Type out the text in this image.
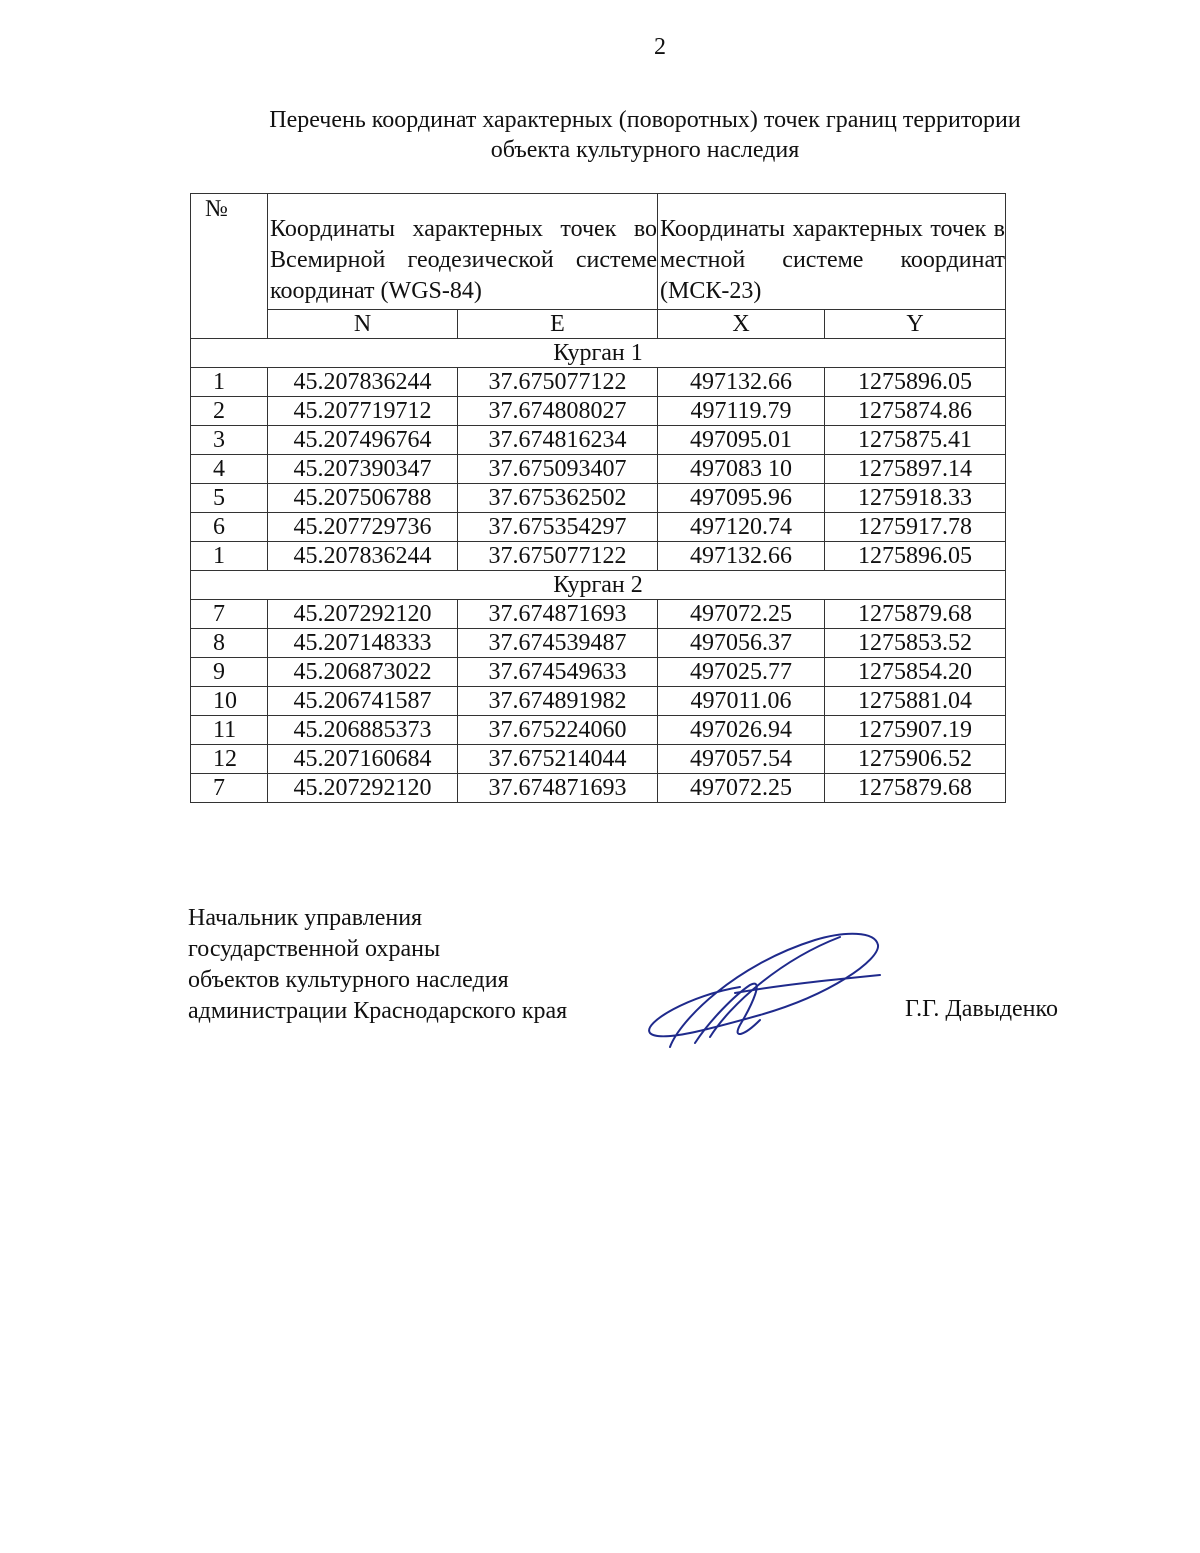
2
Перечень координат характерных (поворотных) точек границ территории
объекта культурного наследия
№	Координаты характерных точек во Всемирной геодезической системе координат (WGS-84)		Координаты характерных точек в местной системе координат (МСК-23)	
	N	E	X	Y
Курган 1				
1	45.207836244	37.675077122	497132.66	1275896.05
2	45.207719712	37.674808027	497119.79	1275874.86
3	45.207496764	37.674816234	497095.01	1275875.41
4	45.207390347	37.675093407	497083 10	1275897.14
5	45.207506788	37.675362502	497095.96	1275918.33
6	45.207729736	37.675354297	497120.74	1275917.78
1	45.207836244	37.675077122	497132.66	1275896.05
Курган 2				
7	45.207292120	37.674871693	497072.25	1275879.68
8	45.207148333	37.674539487	497056.37	1275853.52
9	45.206873022	37.674549633	497025.77	1275854.20
10	45.206741587	37.674891982	497011.06	1275881.04
11	45.206885373	37.675224060	497026.94	1275907.19
12	45.207160684	37.675214044	497057.54	1275906.52
7	45.207292120	37.674871693	497072.25	1275879.68
Начальник управления
государственной охраны
объектов культурного наследия
администрации Краснодарского края	Г.Г. Давыденко
